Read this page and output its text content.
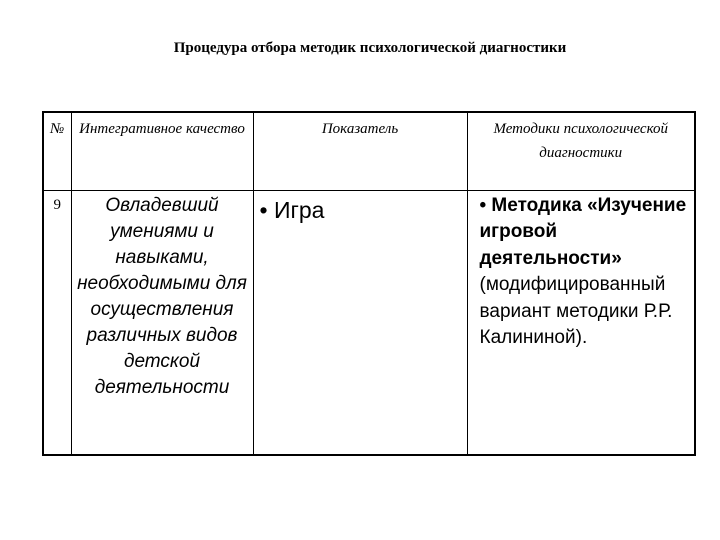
Процедура отбора методик психологической диагностики
№	Интегративное качество	Показатель	Методики психологической диагностики
9	Овладевший умениями и навыками, необходимыми для осуществления различных видов детской деятельности	• Игра	• Методика «Изучение игровой деятельности» (модифицированный вариант методики Р.Р. Калининой).
